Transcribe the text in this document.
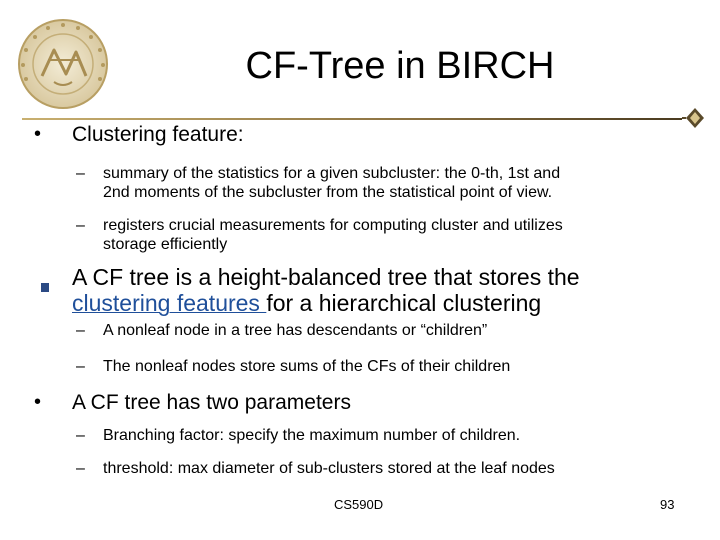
CF-Tree in BIRCH
• Clustering feature:
– summary of the statistics for a given subcluster: the 0-th, 1st and
2nd moments of the subcluster from the statistical point of view.
– registers crucial measurements for computing cluster and utilizes
storage efficiently
A CF tree is a height-balanced tree that stores the
clustering features for a hierarchical clustering
– A nonleaf node in a tree has descendants or “children”
– The nonleaf nodes store sums of the CFs of their children
• A CF tree has two parameters
– Branching factor: specify the maximum number of children.
– threshold: max diameter of sub-clusters stored at the leaf nodes
CS590D	93
